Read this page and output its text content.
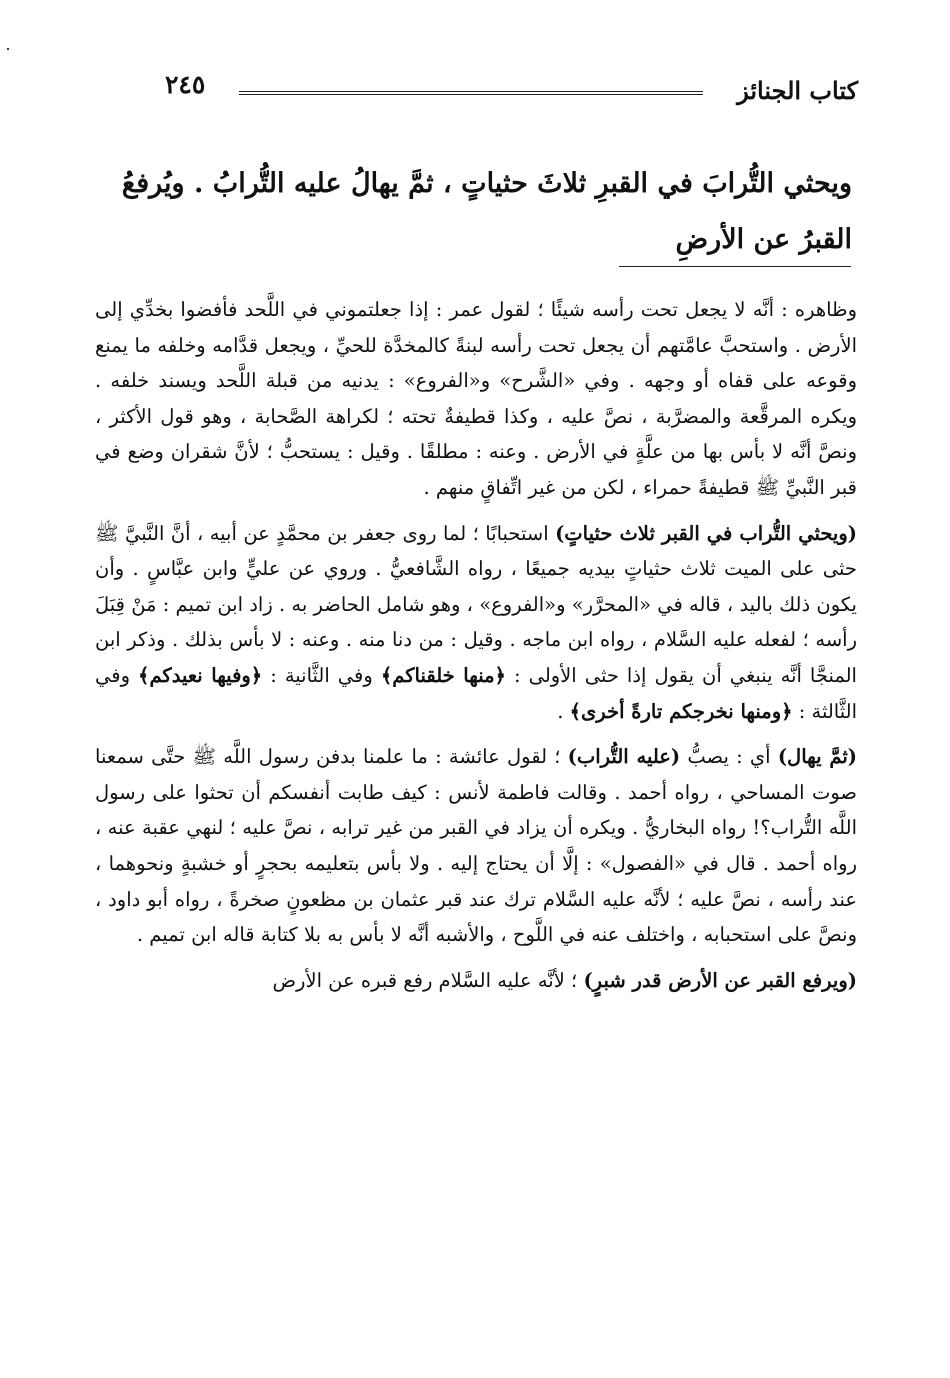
كتاب الجنائز
٢٤٥
ويحثي التُّرابَ في القبرِ ثلاثَ حثياتٍ ، ثمَّ يهالُ عليه التُّرابُ . ويُرفعُ القبرُ عن الأرضِ

وظاهره : أنَّه لا يجعل تحت رأسه شيئًا ؛ لقول عمر : إذا جعلتموني في اللَّحد فأفضوا بخدِّي إلى الأرض . واستحبَّ عامَّتهم أن يجعل تحت رأسه لبنةً كالمخدَّة للحيِّ ، ويجعل قدَّامه وخلفه ما يمنع وقوعه على قفاه أو وجهه . وفي «الشَّرح» و«الفروع» : يدنيه من قبلة اللَّحد ويسند خلفه . ويكره المرقَّعة والمضرَّبة ، نصَّ عليه ، وكذا قطيفةٌ تحته ؛ لكراهة الصَّحابة ، وهو قول الأكثر ، ونصَّ أنَّه لا بأس بها من علَّةٍ في الأرض . وعنه : مطلقًا . وقيل : يستحبُّ ؛ لأنَّ شقران وضع في قبر النَّبيِّ ﷺ قطيفةً حمراء ، لكن من غير اتِّفاقٍ منهم .

(ويحثي التُّراب في القبر ثلاث حثياتٍ) استحبابًا ؛ لما روى جعفر بن محمَّدٍ عن أبيه ، أنَّ النَّبيَّ ﷺ حثى على الميت ثلاث حثياتٍ بيديه جميعًا ، رواه الشَّافعيُّ . وروي عن عليٍّ وابن عبَّاسٍ . وأن يكون ذلك باليد ، قاله في «المحرَّر» و«الفروع» ، وهو شامل الحاضر به . زاد ابن تميم : مَنْ قِبَلَ رأسه ؛ لفعله عليه السَّلام ، رواه ابن ماجه . وقيل : من دنا منه . وعنه : لا بأس بذلك . وذكر ابن المنجَّا أنَّه ينبغي أن يقول إذا حثى الأولى : ﴿منها خلقناكم﴾ وفي الثَّانية : ﴿وفيها نعيدكم﴾ وفي الثَّالثة : ﴿ومنها نخرجكم تارةً أخرى﴾ .

(ثمَّ يهال) أي : يصبُّ (عليه التُّراب) ؛ لقول عائشة : ما علمنا بدفن رسول اللَّه ﷺ حتَّى سمعنا صوت المساحي ، رواه أحمد . وقالت فاطمة لأنس : كيف طابت أنفسكم أن تحثوا على رسول اللَّه التُّراب؟! رواه البخاريُّ . ويكره أن يزاد في القبر من غير ترابه ، نصَّ عليه ؛ لنهي عقبة عنه ، رواه أحمد . قال في «الفصول» : إلَّا أن يحتاج إليه . ولا بأس بتعليمه بحجرٍ أو خشبةٍ ونحوهما ، عند رأسه ، نصَّ عليه ؛ لأنَّه عليه السَّلام ترك عند قبر عثمان بن مظعونٍ صخرةً ، رواه أبو داود ، ونصَّ على استحبابه ، واختلف عنه في اللَّوح ، والأشبه أنَّه لا بأس به بلا كتابة قاله ابن تميم .

(ويرفع القبر عن الأرض قدر شبرٍ) ؛ لأنَّه عليه السَّلام رفع قبره عن الأرض
